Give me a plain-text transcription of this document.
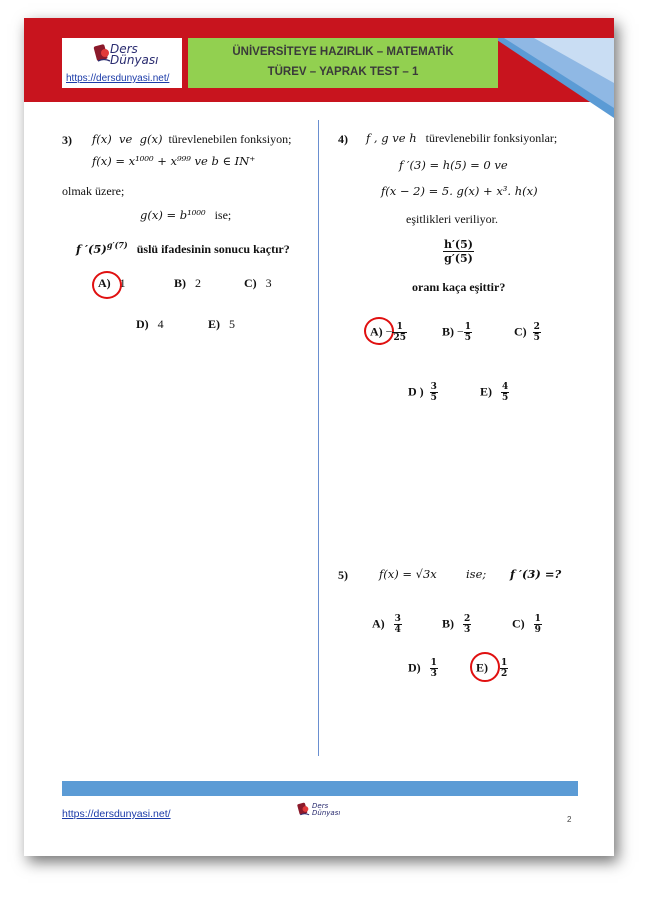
Ders
Dünyası
https://dersdunyasi.net/
ÜNİVERSİTEYE HAZIRLIK – MATEMATİK
TÜREV – YAPRAK TEST – 1
3) f(x)  ve  g(x) türevlenebilen fonksiyon;
f(x) = x¹⁰⁰⁰ + x⁹⁹⁹ ve b ∈ IN⁺
olmak üzere;
g(x) = b¹⁰⁰⁰ ise;
f $'(5)^{g'(7)}$ üslü ifadesinin sonucu kaçtır?
A) 1	B) 2	C) 3
D) 4	E) 5
4) f , g ve h türevlenebilir fonksiyonlar;
f ′(3) = h(5) = 0 ve
f(x − 2) = 5. g(x) + x³. h(x)
eşitlikleri veriliyor.
$\frac{h'(5)}{g'(5)}$
oranı kaça eşittir?
$A) - \frac{1}{25}$	$B) - \frac{1}{5}$	$C) \frac{2}{5}$
D ) $\frac{3}{5}$	$E) \frac{4}{5}$
5)	f(x) = √3x	ise; f ′(3) =?
$A) \frac{3}{4}$	$B) \frac{2}{3}$	$C) \frac{1}{9}$
$D) \frac{1}{3}$	$E) \frac{1}{2}$
https://dersdunyasi.net/
Ders
Dünyası
2
